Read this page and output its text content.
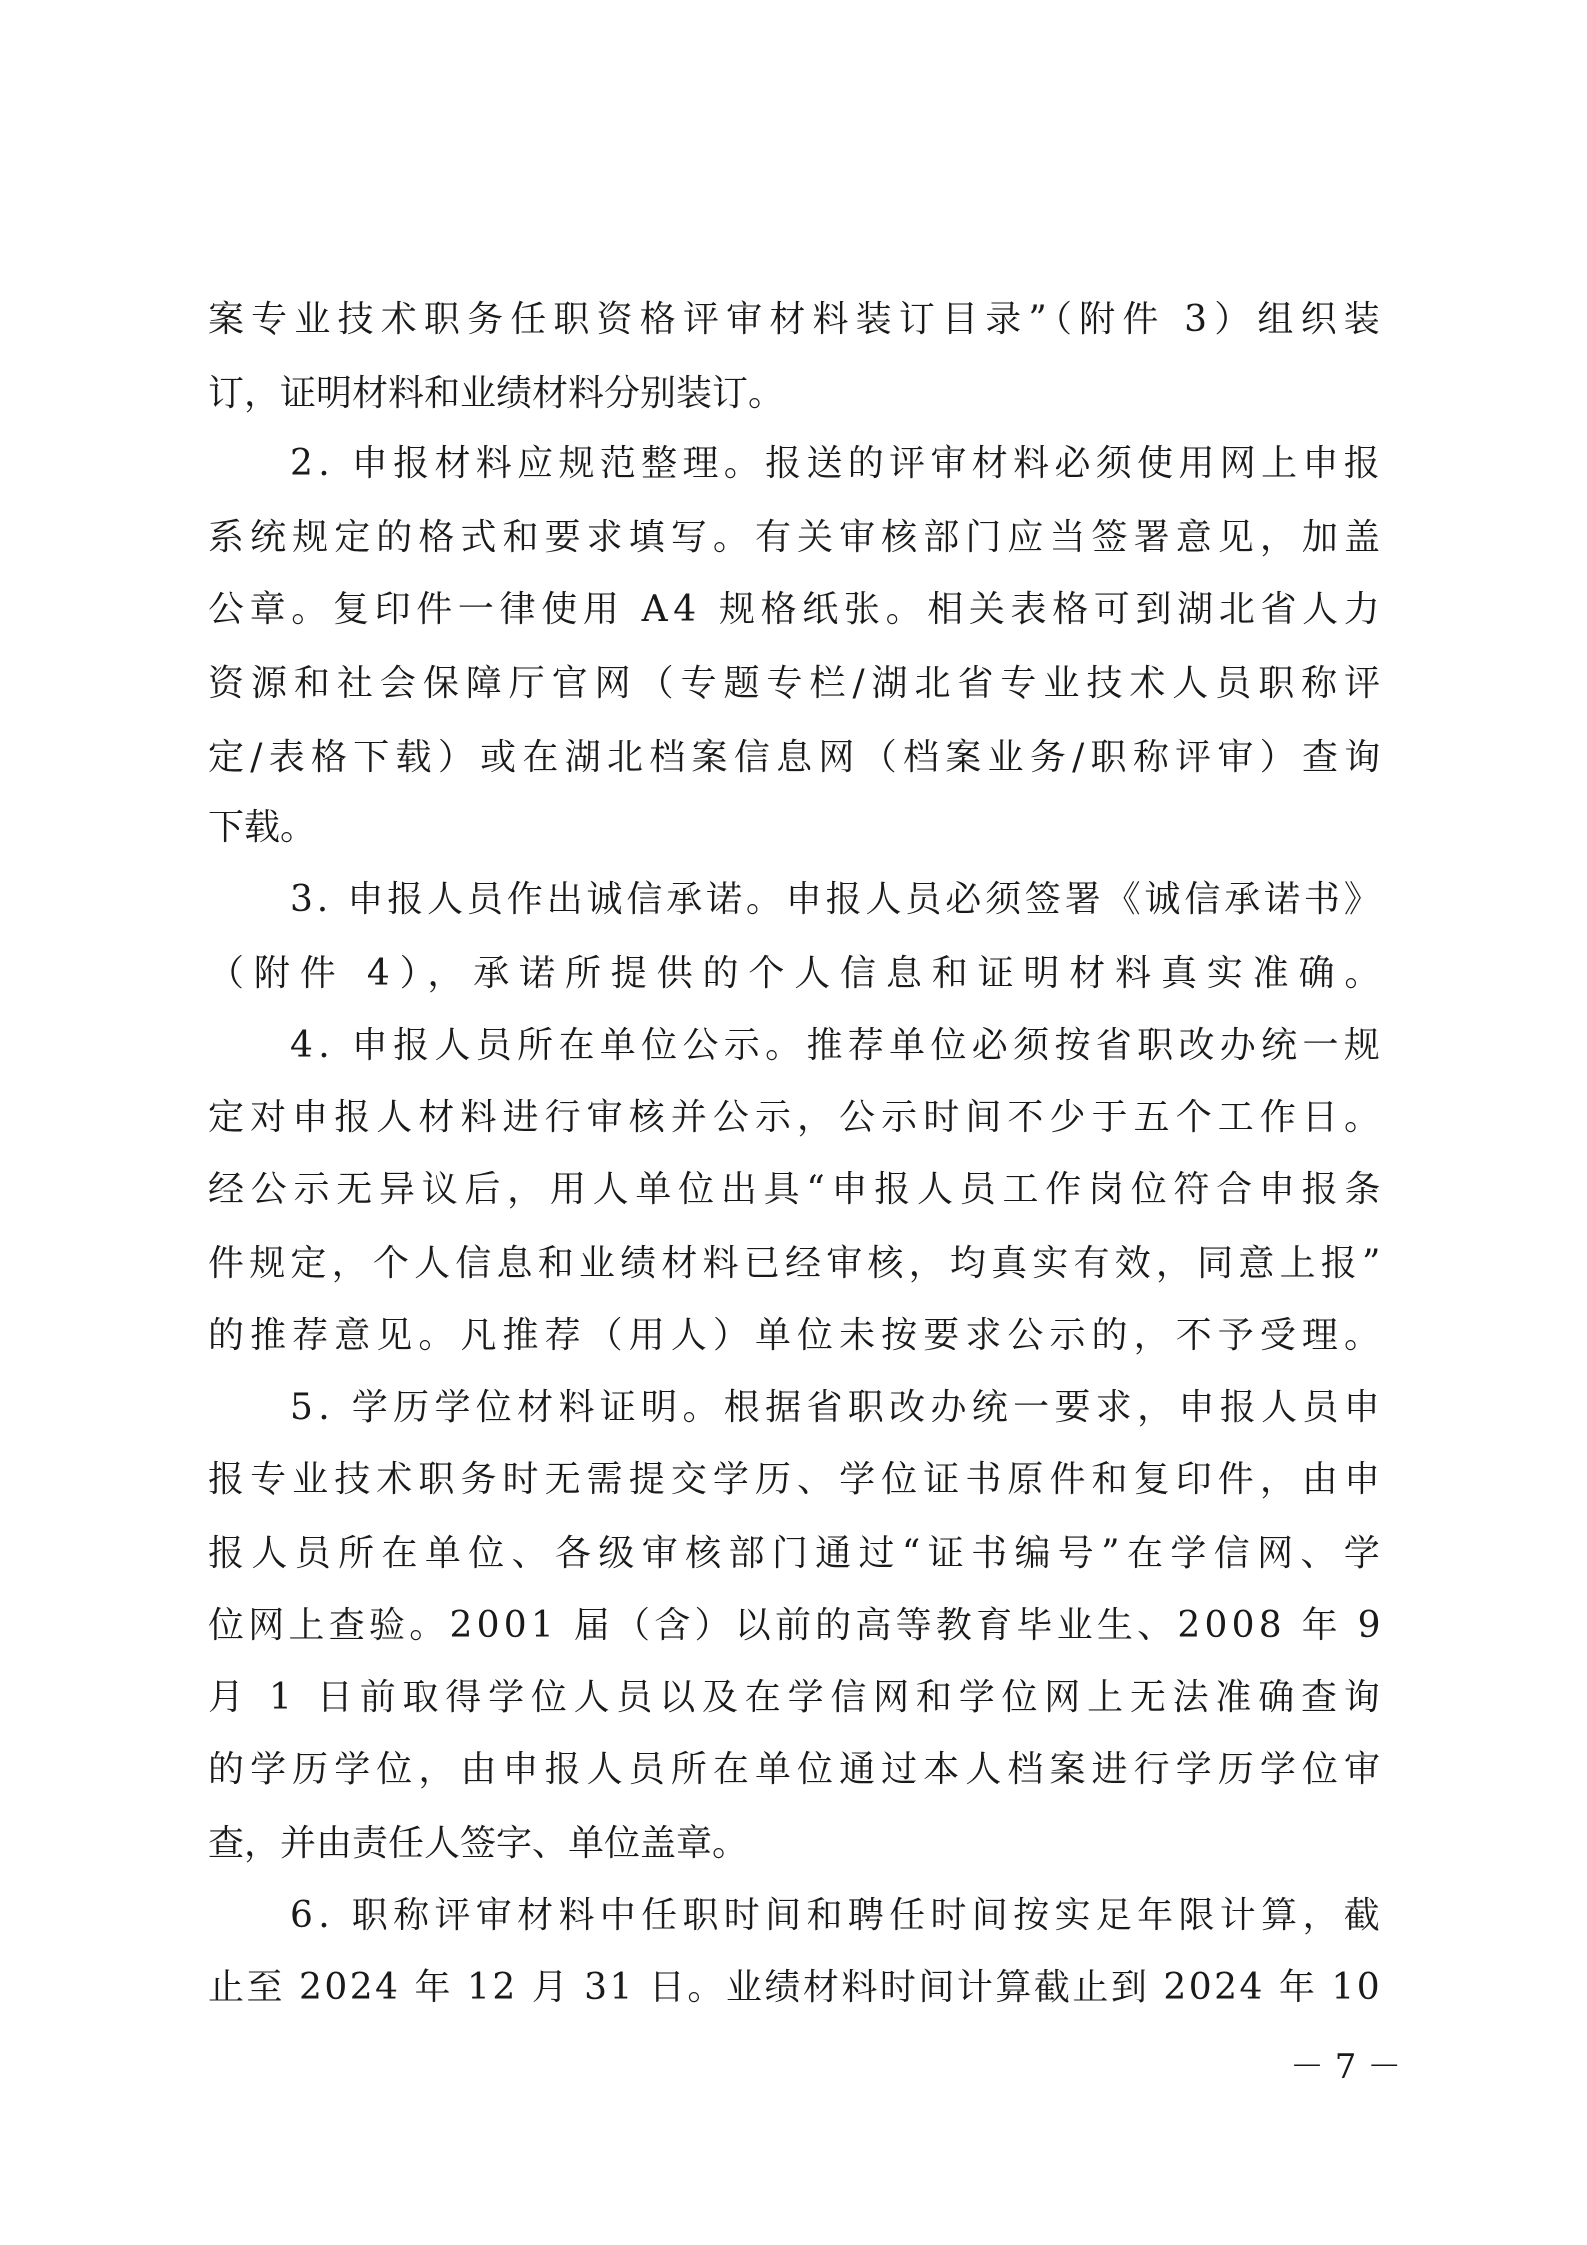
案专业技术职务任职资格评审材料装订目录”（附件 3）组织装
订，证明材料和业绩材料分别装订。
2. 申报材料应规范整理。报送的评审材料必须使用网上申报
系统规定的格式和要求填写。有关审核部门应当签署意见，加盖
公章。复印件一律使用 A4 规格纸张。相关表格可到湖北省人力
资源和社会保障厅官网（专题专栏/湖北省专业技术人员职称评
定/表格下载）或在湖北档案信息网（档案业务/职称评审）查询
下载。
3. 申报人员作出诚信承诺。申报人员必须签署《诚信承诺书》
（附件 4），承诺所提供的个人信息和证明材料真实准确。
4. 申报人员所在单位公示。推荐单位必须按省职改办统一规
定对申报人材料进行审核并公示，公示时间不少于五个工作日。
经公示无异议后，用人单位出具“申报人员工作岗位符合申报条
件规定，个人信息和业绩材料已经审核，均真实有效，同意上报”
的推荐意见。凡推荐（用人）单位未按要求公示的，不予受理。
5. 学历学位材料证明。根据省职改办统一要求，申报人员申
报专业技术职务时无需提交学历、学位证书原件和复印件，由申
报人员所在单位、各级审核部门通过“证书编号”在学信网、学
位网上查验。2001 届（含）以前的高等教育毕业生、2008 年 9
月 1 日前取得学位人员以及在学信网和学位网上无法准确查询
的学历学位，由申报人员所在单位通过本人档案进行学历学位审
查，并由责任人签字、单位盖章。
6. 职称评审材料中任职时间和聘任时间按实足年限计算，截
止至 2024 年 12 月 31 日。业绩材料时间计算截止到 2024 年 10
－ 7 －
